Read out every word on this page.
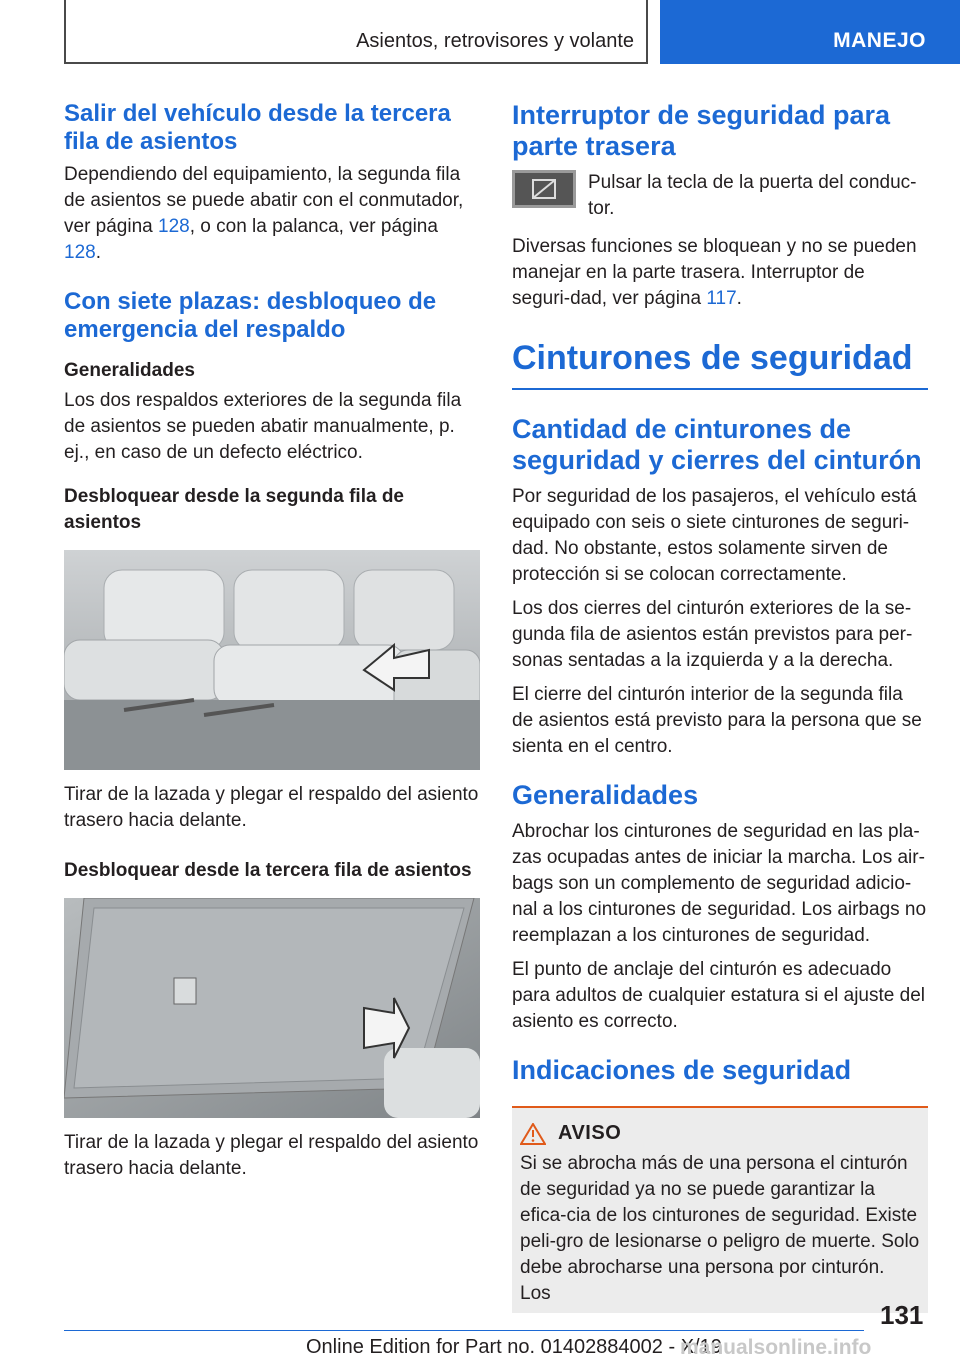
Asientos, retrovisores y volante	MANEJO
Salir del vehículo desde la tercera fila de asientos

Dependiendo del equipamiento, la segunda fila de asientos se puede abatir con el conmutador, ver página 128, o con la palanca, ver página 128.

Con siete plazas: desbloqueo de emergencia del respaldo
Generalidades

Los dos respaldos exteriores de la segunda fila de asientos se pueden abatir manualmente, p. ej., en caso de un defecto eléctrico.

Desbloquear desde la segunda fila de asientos

Tirar de la lazada y plegar el respaldo del asiento trasero hacia delante.

Desbloquear desde la tercera fila de asientos

Tirar de la lazada y plegar el respaldo del asiento trasero hacia delante.

Interruptor de seguridad para parte trasera

Pulsar la tecla de la puerta del conduc-tor.

Diversas funciones se bloquean y no se pueden manejar en la parte trasera. Interruptor de seguri-dad, ver página 117.

Cinturones de seguridad
Cantidad de cinturones de seguridad y cierres del cinturón

Por seguridad de los pasajeros, el vehículo está equipado con seis o siete cinturones de seguri-dad. No obstante, estos solamente sirven de protección si se colocan correctamente.

Los dos cierres del cinturón exteriores de la se-gunda fila de asientos están previstos para per-sonas sentadas a la izquierda y a la derecha.

El cierre del cinturón interior de la segunda fila de asientos está previsto para la persona que se sienta en el centro.

Generalidades

Abrochar los cinturones de seguridad en las pla-zas ocupadas antes de iniciar la marcha. Los air-bags son un complemento de seguridad adicio-nal a los cinturones de seguridad. Los airbags no reemplazan a los cinturones de seguridad.

El punto de anclaje del cinturón es adecuado para adultos de cualquier estatura si el ajuste del asiento es correcto.

Indicaciones de seguridad
AVISO

Si se abrocha más de una persona el cinturón de seguridad ya no se puede garantizar la efica-cia de los cinturones de seguridad. Existe peli-gro de lesionarse o peligro de muerte. Solo debe abrocharse una persona por cinturón. Los

131
Online Edition for Part no. 01402884002 - X/19
manualsonline.info
